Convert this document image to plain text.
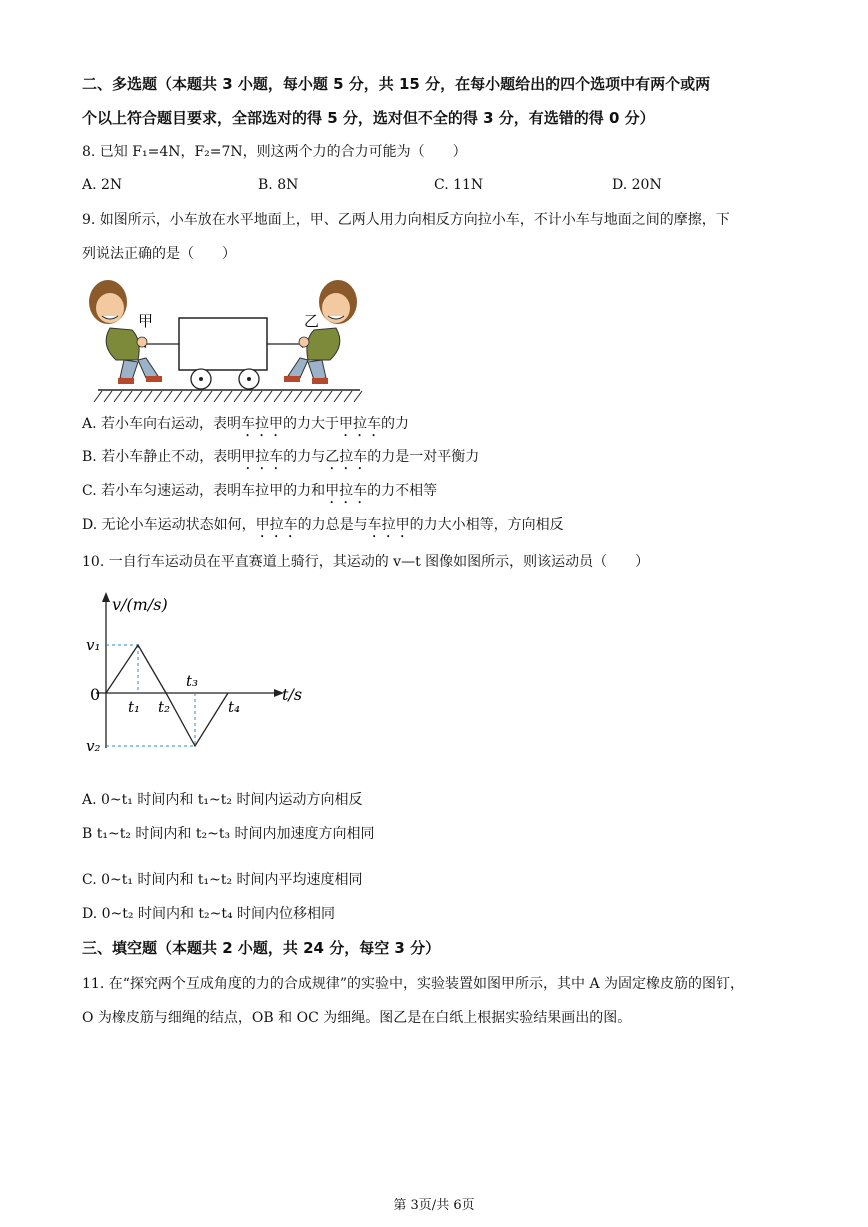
二、多选题（本题共 3 小题，每小题 5 分，共 15 分，在每小题给出的四个选项中有两个或两
个以上符合题目要求，全部选对的得 5 分，选对但不全的得 3 分，有选错的得 0 分）
8. 已知 F₁=4N，F₂=7N，则这两个力的合力可能为（　　）
A. 2N	B. 8N	C. 11N	D. 20N
9. 如图所示，小车放在水平地面上，甲、乙两人用力向相反方向拉小车，不计小车与地面之间的摩擦，下
列说法正确的是（　　）
甲	乙
A. 若小车向右运动，表明车拉甲的力大于甲拉车的力
B. 若小车静止不动，表明甲拉车的力与乙拉车的力是一对平衡力
C. 若小车匀速运动，表明车拉甲的力和甲拉车的力不相等
D. 无论小车运动状态如何，甲拉车的力总是与车拉甲的力大小相等，方向相反
10. 一自行车运动员在平直赛道上骑行，其运动的 v—t 图像如图所示，则该运动员（　　）
v/(m/s)
t/s
0
v₁
v₂
t₁ t₂
t₃
t₄
A. 0~t₁ 时间内和 t₁~t₂ 时间内运动方向相反
B t₁~t₂ 时间内和 t₂~t₃ 时间内加速度方向相同
C. 0~t₁ 时间内和 t₁~t₂ 时间内平均速度相同
D. 0~t₂ 时间内和 t₂~t₄ 时间内位移相同
三、填空题（本题共 2 小题，共 24 分，每空 3 分）
11. 在“探究两个互成角度的力的合成规律”的实验中，实验装置如图甲所示，其中 A 为固定橡皮筋的图钉，
O 为橡皮筋与细绳的结点，OB 和 OC 为细绳。图乙是在白纸上根据实验结果画出的图。
第 3页/共 6页
